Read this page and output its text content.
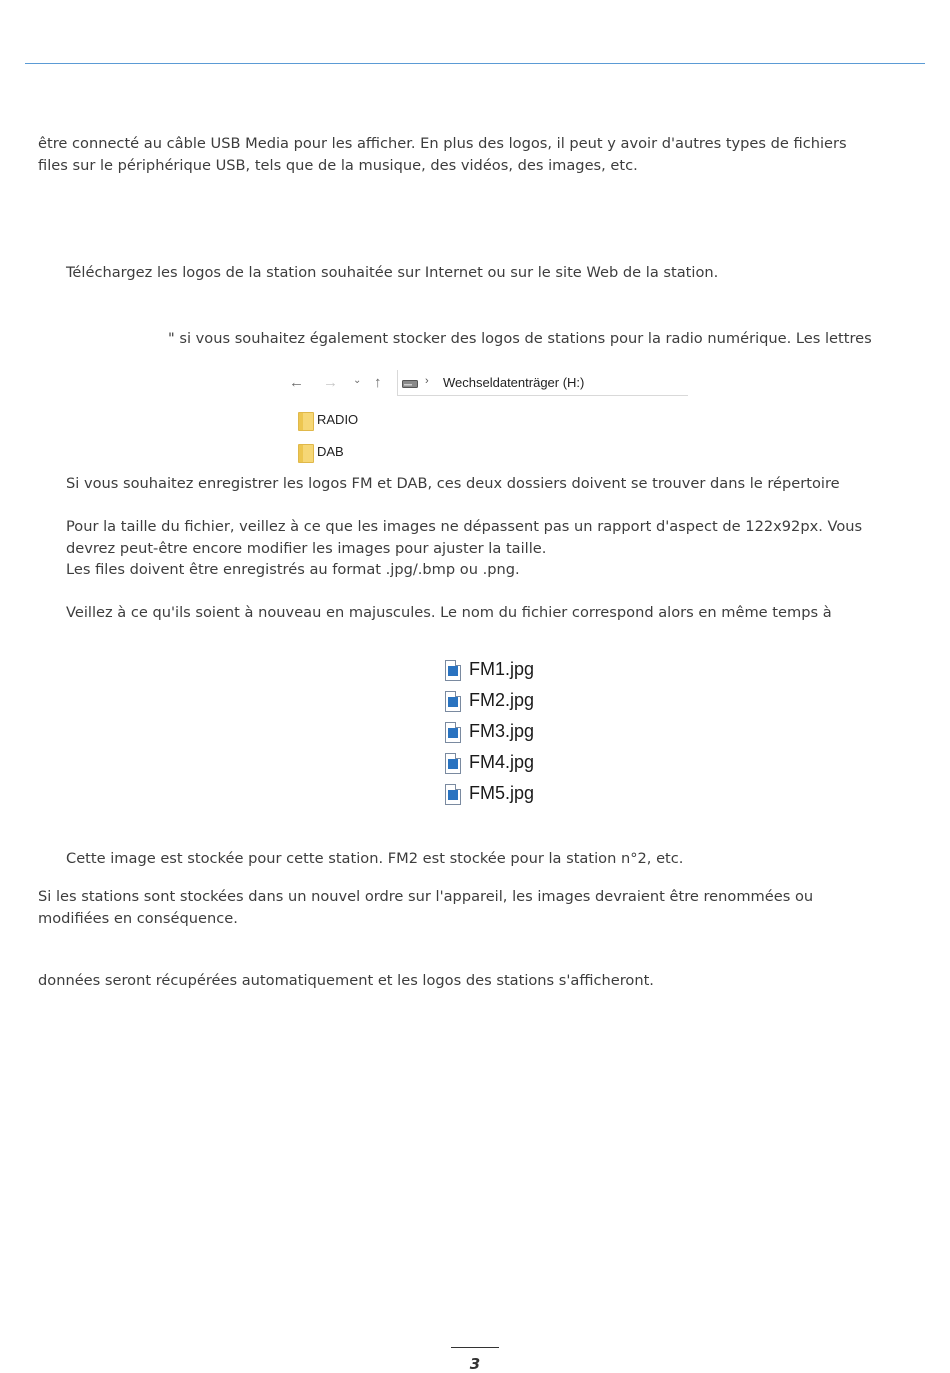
être connecté au câble USB Media pour les afficher. En plus des logos, il peut y avoir d'autres types de fichiers
files sur le périphérique USB, tels que de la musique, des vidéos, des images, etc.
Téléchargez les logos de la station souhaitée sur Internet ou sur le site Web de la station.
" si vous souhaitez également stocker des logos de stations pour la radio numérique. Les lettres
← → ⌄ ↑	› Wechseldatenträger (H:)
RADIO
DAB
Si vous souhaitez enregistrer les logos FM et DAB, ces deux dossiers doivent se trouver dans le répertoire
Pour la taille du fichier, veillez à ce que les images ne dépassent pas un rapport d'aspect de 122x92px. Vous
devrez peut-être encore modifier les images pour ajuster la taille.
Les files doivent être enregistrés au format .jpg/.bmp ou .png.
Veillez à ce qu'ils soient à nouveau en majuscules. Le nom du fichier correspond alors en même temps à
FM1.jpg
FM2.jpg
FM3.jpg
FM4.jpg
FM5.jpg
Cette image est stockée pour cette station. FM2 est stockée pour la station n°2, etc.
Si les stations sont stockées dans un nouvel ordre sur l'appareil, les images devraient être renommées ou
modifiées en conséquence.
données seront récupérées automatiquement et les logos des stations s'afficheront.
3
